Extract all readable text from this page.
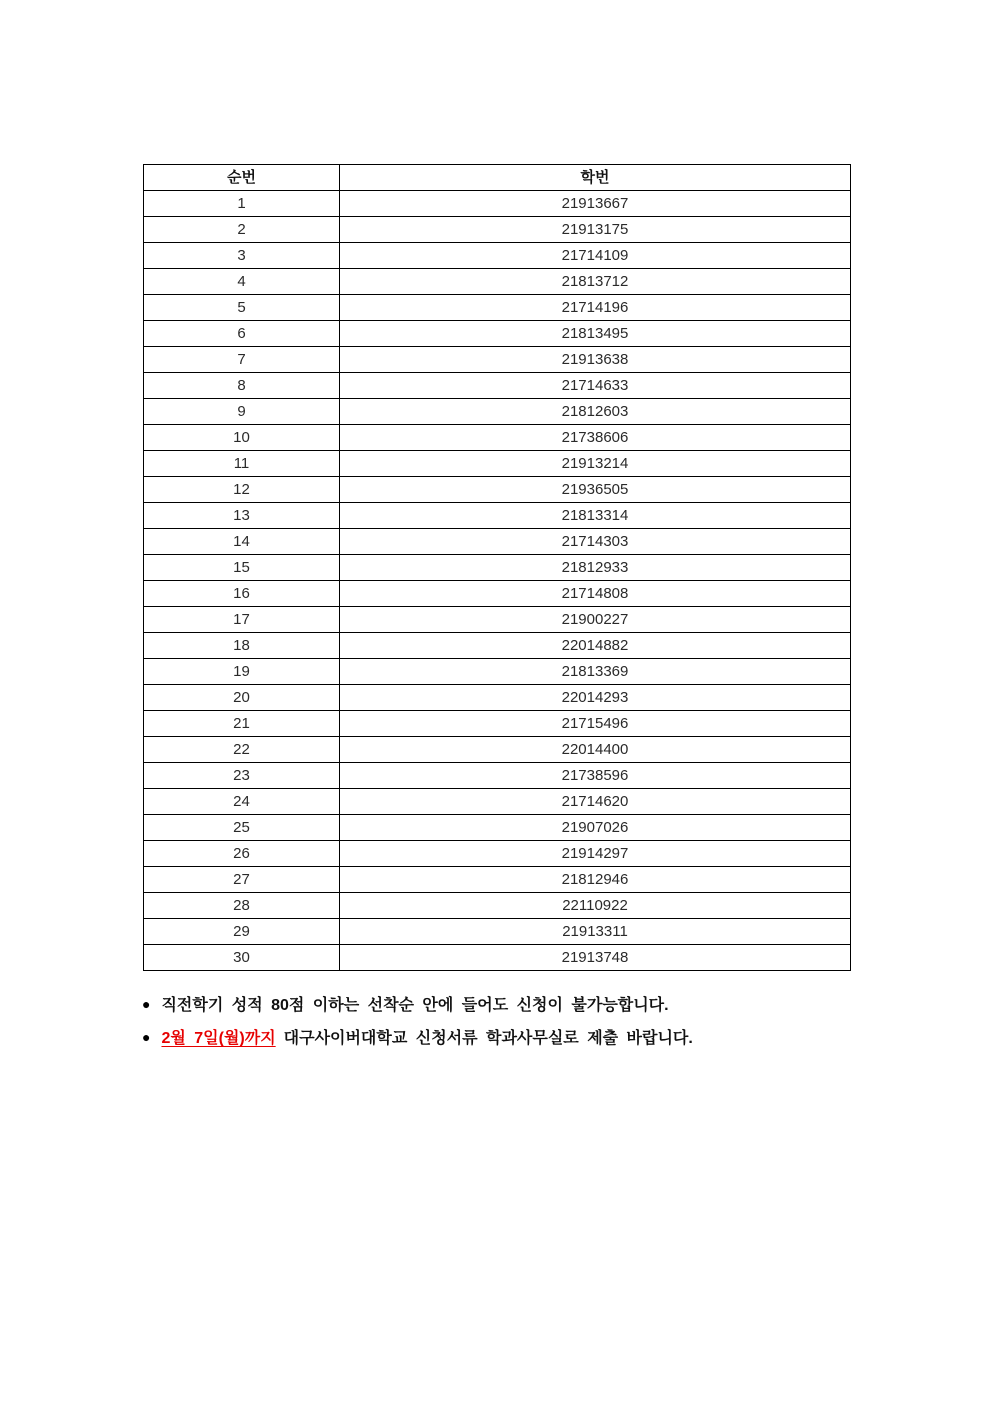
순번	학번
1	21913667
2	21913175
3	21714109
4	21813712
5	21714196
6	21813495
7	21913638
8	21714633
9	21812603
10	21738606
11	21913214
12	21936505
13	21813314
14	21714303
15	21812933
16	21714808
17	21900227
18	22014882
19	21813369
20	22014293
21	21715496
22	22014400
23	21738596
24	21714620
25	21907026
26	21914297
27	21812946
28	22110922
29	21913311
30	21913748
● 직전학기 성적 80점 이하는 선착순 안에 들어도 신청이 불가능합니다.
● 2월 7일(월)까지 대구사이버대학교 신청서류 학과사무실로 제출 바랍니다.
